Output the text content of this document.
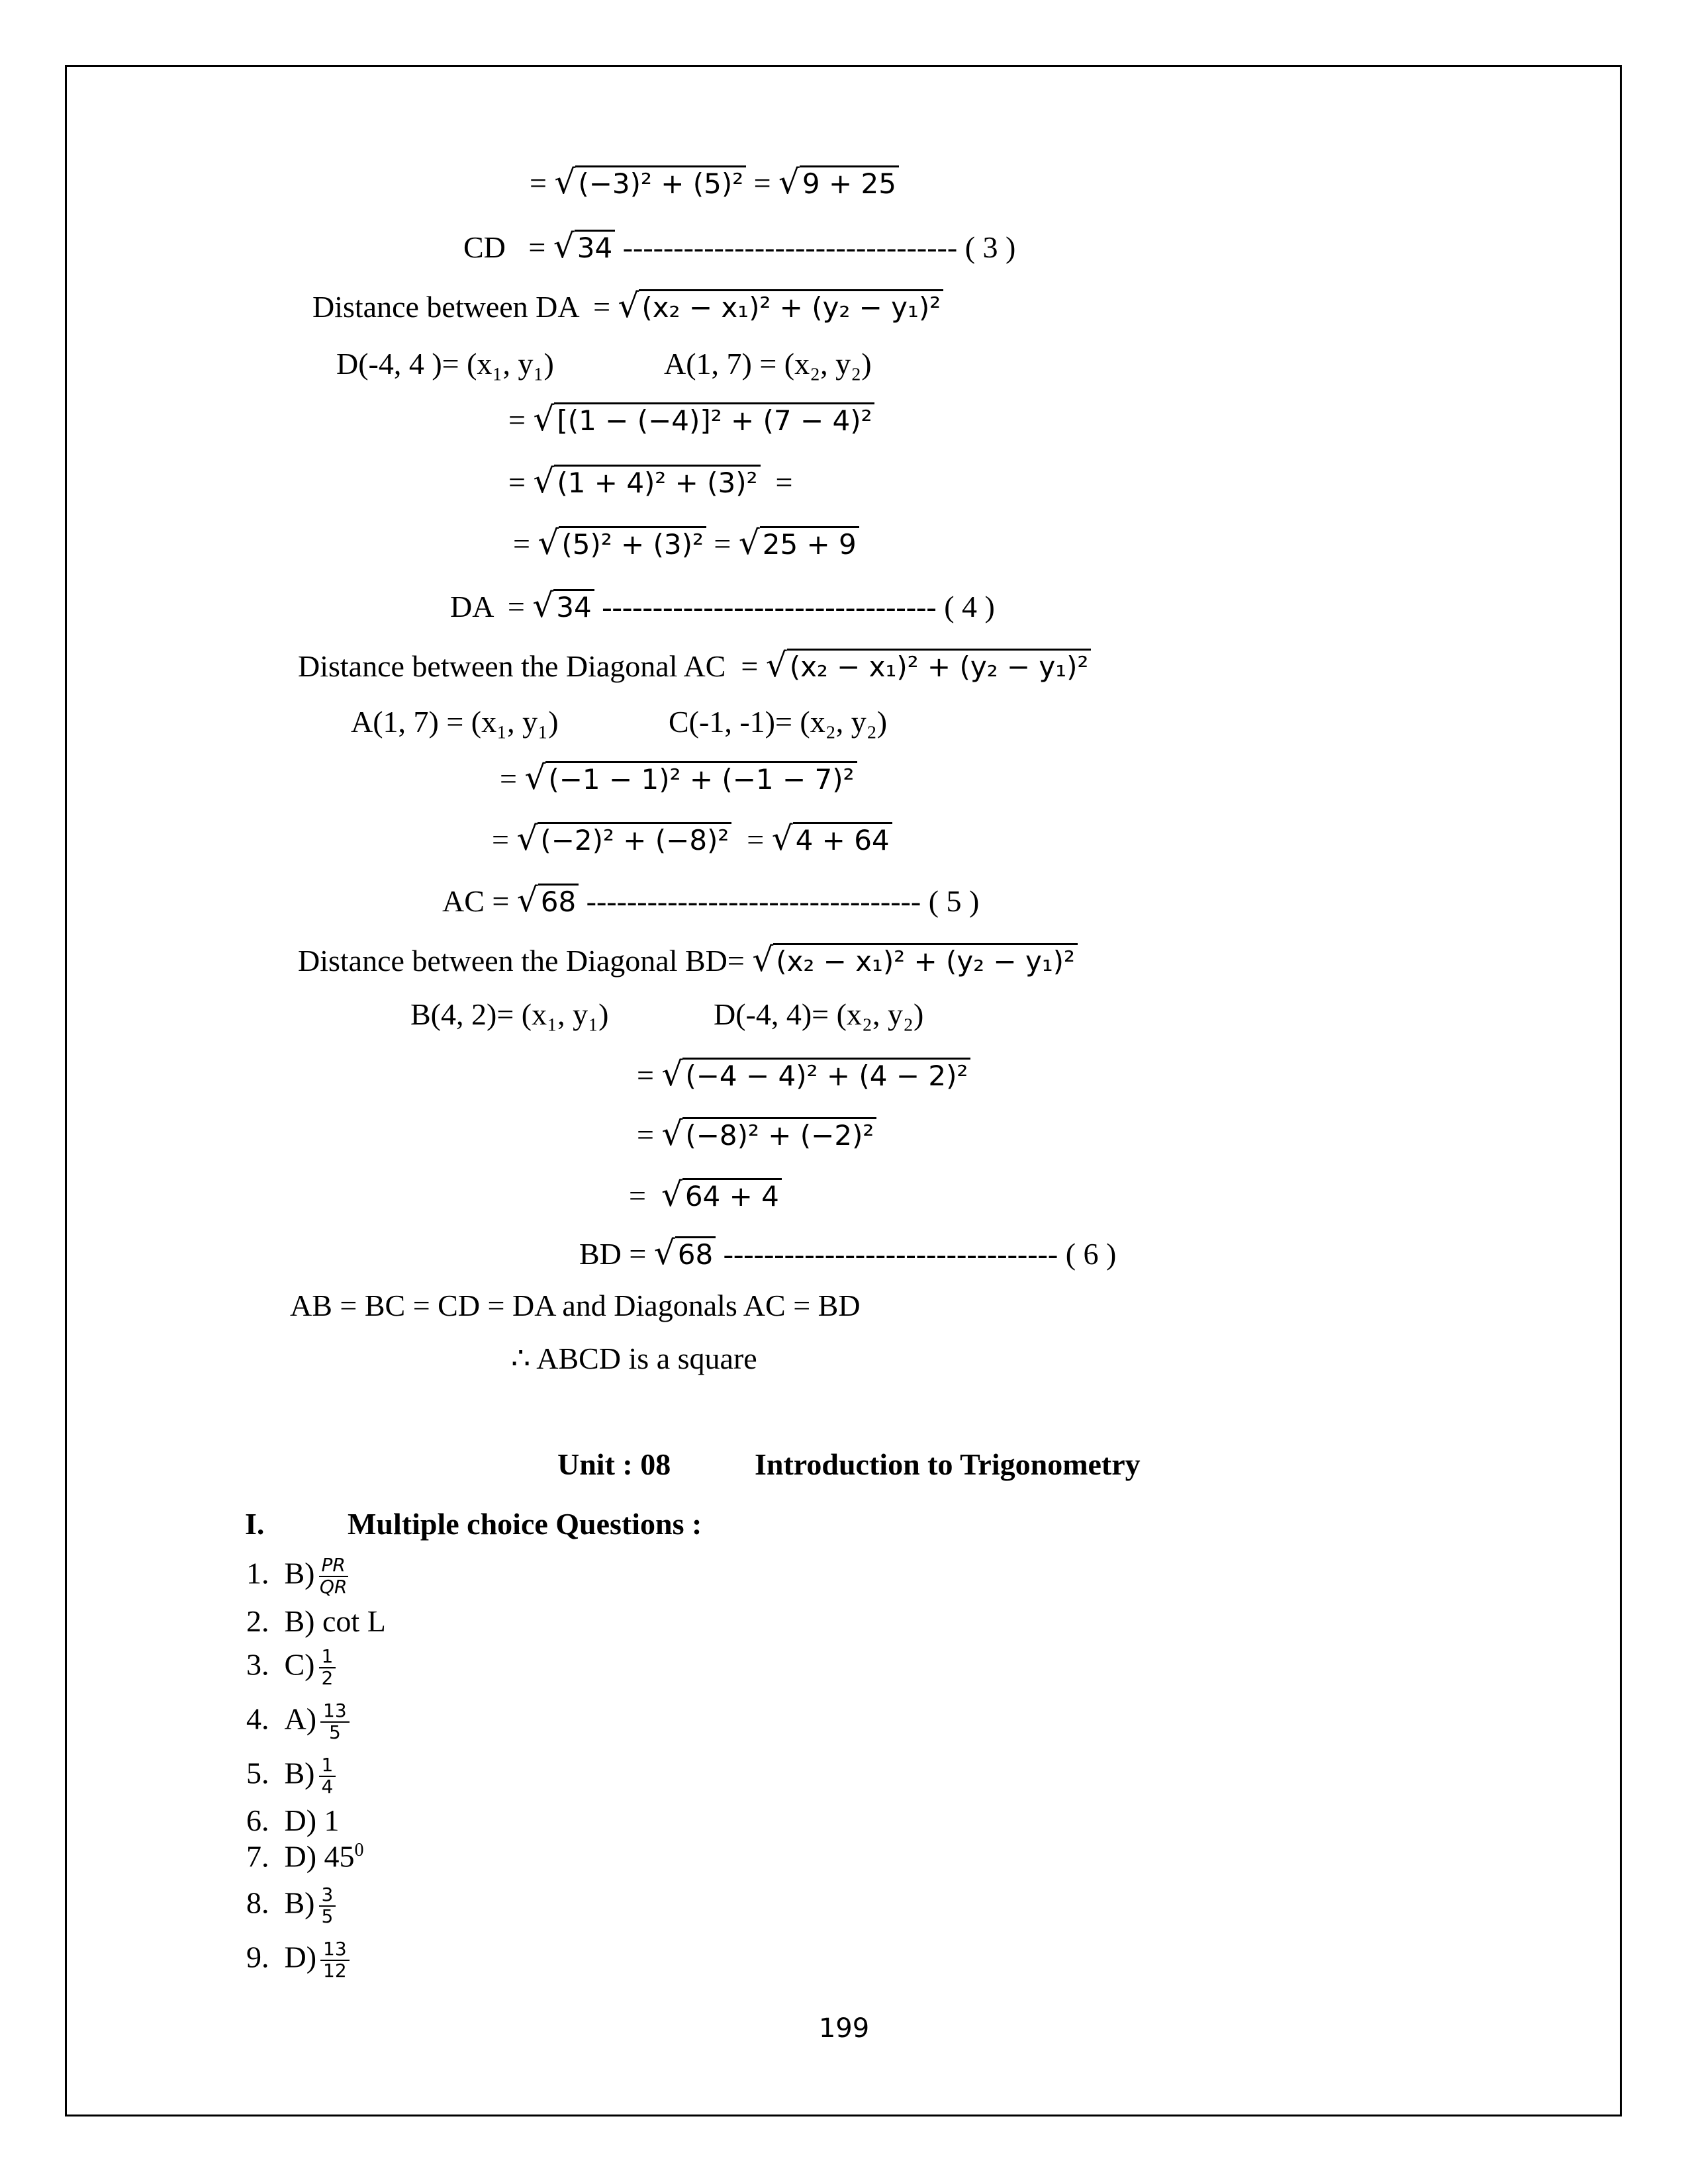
= √(−3)² + (5)² = √9 + 25
CD = √34 --------------------------------- ( 3 )
Distance between DA = √(x₂ − x₁)² + (y₂ − y₁)²
D(-4, 4 )= (x₁, y₁)	A(1, 7) = (x₂, y₂)
= √[(1 − (−4)]² + (7 − 4)²
= √(1 + 4)² + (3)² =
= √(5)² + (3)² = √25 + 9
DA = √34 --------------------------------- ( 4 )
Distance between the Diagonal AC = √(x₂ − x₁)² + (y₂ − y₁)²
A(1, 7) = (x₁, y₁)	C(-1, -1)= (x₂, y₂)
= √(−1 − 1)² + (−1 − 7)²
= √(−2)² + (−8)² = √4 + 64
AC = √68 --------------------------------- ( 5 )
Distance between the Diagonal BD= √(x₂ − x₁)² + (y₂ − y₁)²
B(4, 2)= (x₁, y₁)	D(-4, 4)= (x₂, y₂)
= √(−4 − 4)² + (4 − 2)²
= √(−8)² + (−2)²
= √64 + 4
BD = √68 --------------------------------- ( 6 )
AB = BC = CD = DA and Diagonals AC = BD
∴ ABCD is a square
Unit : 08	Introduction to Trigonometry
I.	Multiple choice Questions :
1. $B) \frac{PR}{QR}$
2. B) cot L
3. $C) \frac{1}{2}$
4. $A) \frac{13}{5}$
5. $B) \frac{1}{4}$
6. D) 1
7. D) $45^0$
8. $B) \frac{3}{5}$
9. $D) \frac{13}{12}$
199
